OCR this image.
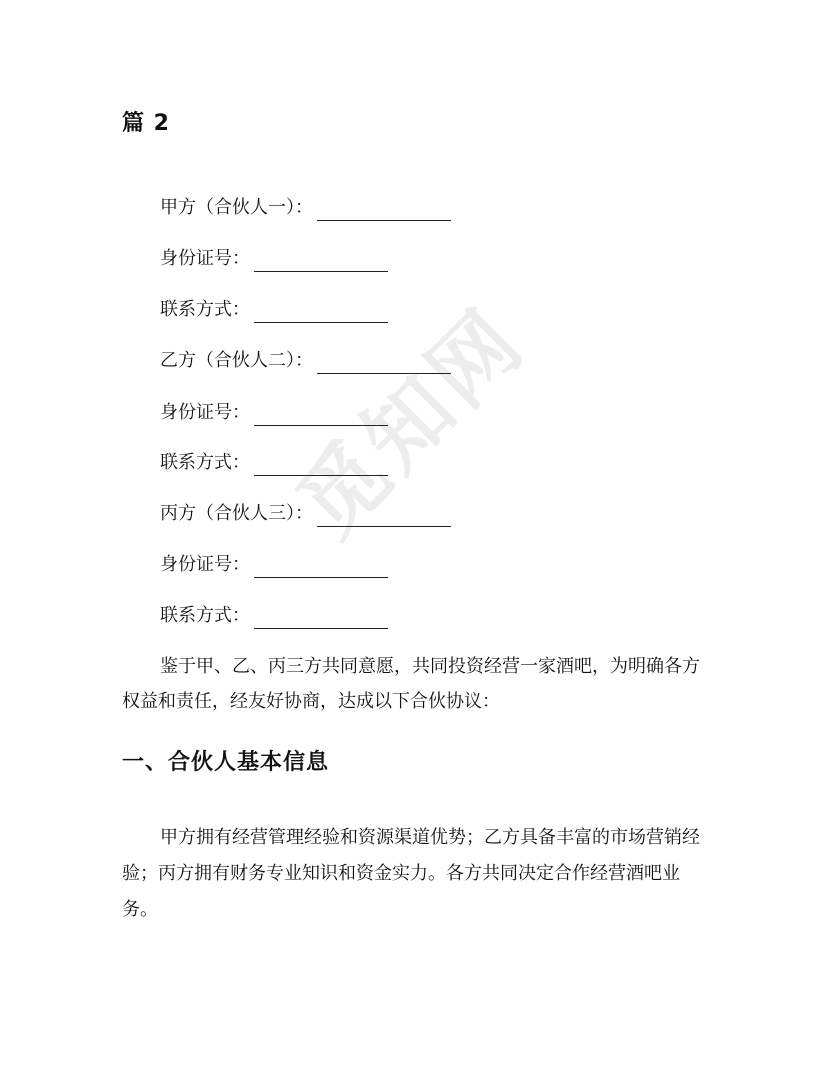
觅知网
篇 2
甲方（合伙人一）：
身份证号：
联系方式：
乙方（合伙人二）：
身份证号：
联系方式：
丙方（合伙人三）：
身份证号：
联系方式：

鉴于甲、乙、丙三方共同意愿，共同投资经营一家酒吧，为明确各方权益和责任，经友好协商，达成以下合伙协议：

一、合伙人基本信息

甲方拥有经营管理经验和资源渠道优势；乙方具备丰富的市场营销经验；丙方拥有财务专业知识和资金实力。各方共同决定合作经营酒吧业务。
